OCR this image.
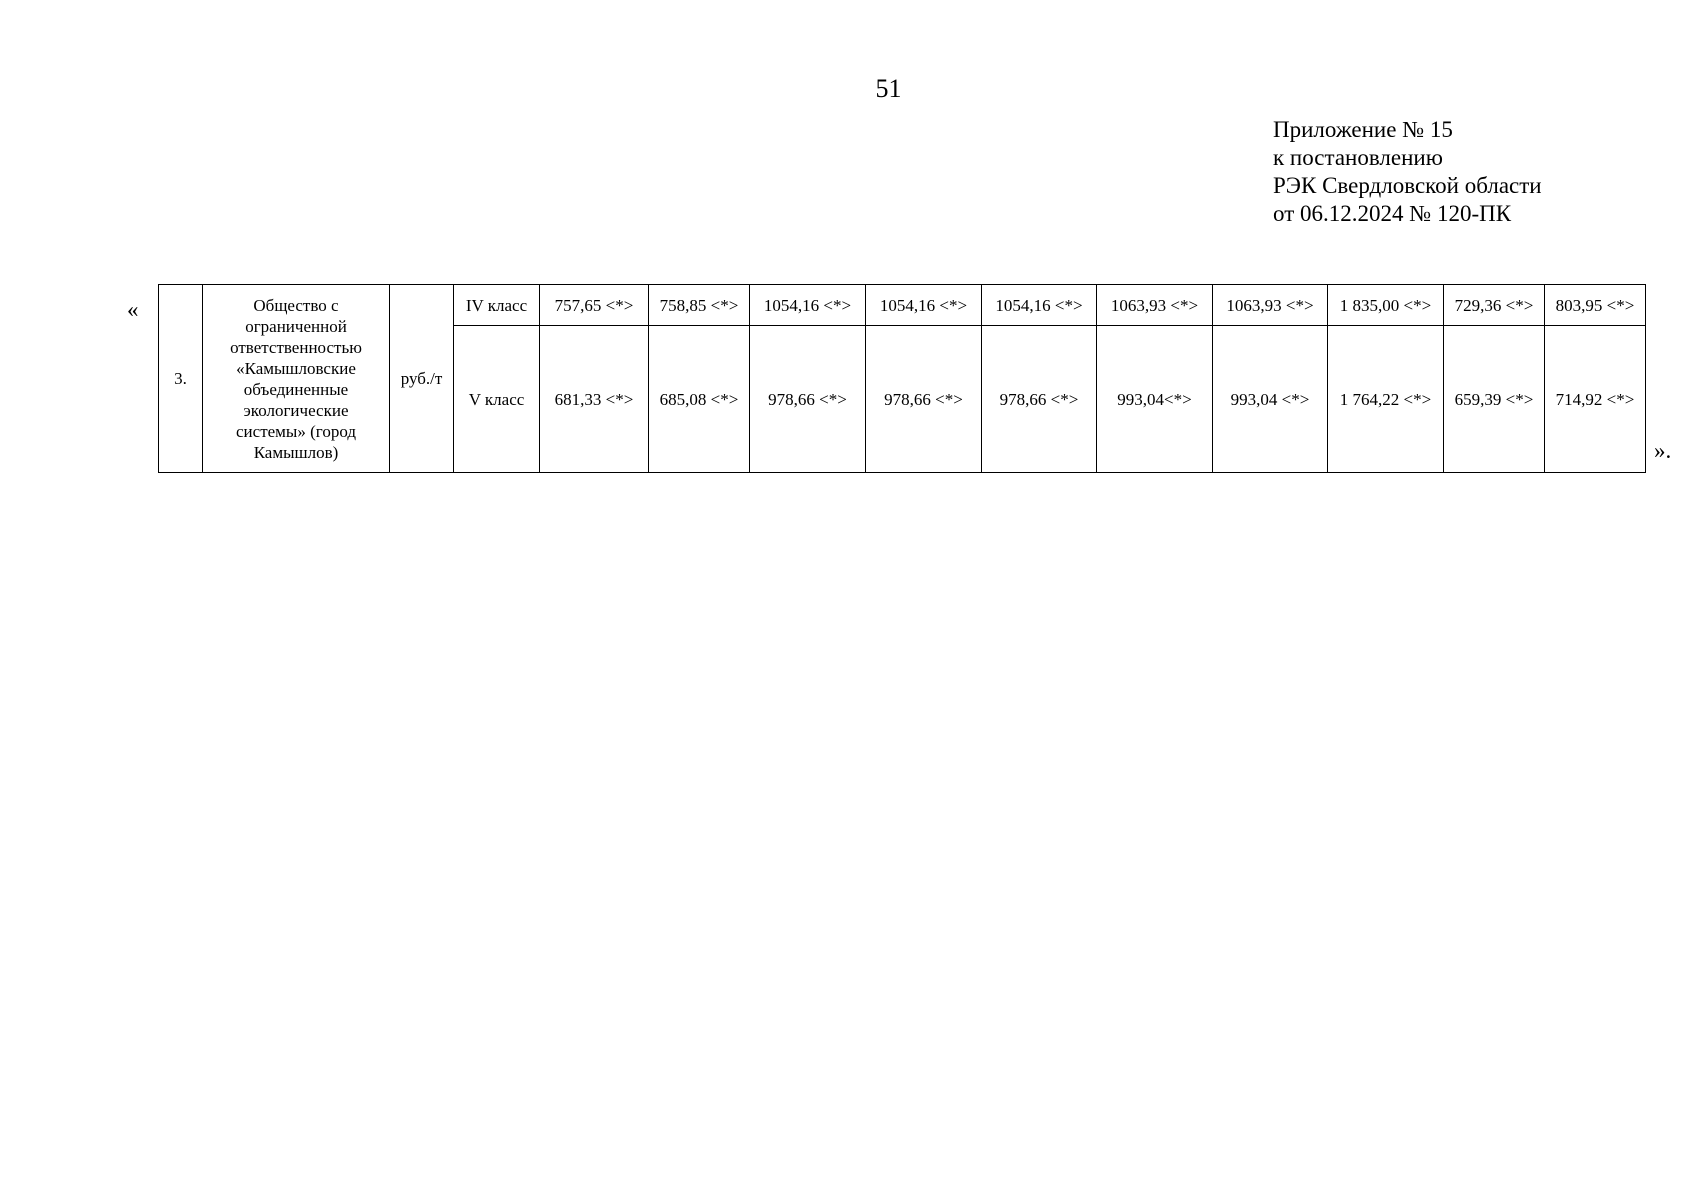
51
Приложение № 15
к постановлению
РЭК Свердловской области
от 06.12.2024 № 120-ПК
«
3.	Общество с ограниченной ответственностью «Камышловские объединенные экологические системы» (город Камышлов)	руб./т	IV класс	757,65 <*>	758,85 <*>	1054,16 <*>	1054,16 <*>	1054,16 <*>	1063,93 <*>	1063,93 <*>	1 835,00 <*>	729,36 <*>	803,95 <*>
			V класс	681,33 <*>	685,08 <*>	978,66 <*>	978,66 <*>	978,66 <*>	993,04<*>	993,04 <*>	1 764,22 <*>	659,39 <*>	714,92 <*>
».
